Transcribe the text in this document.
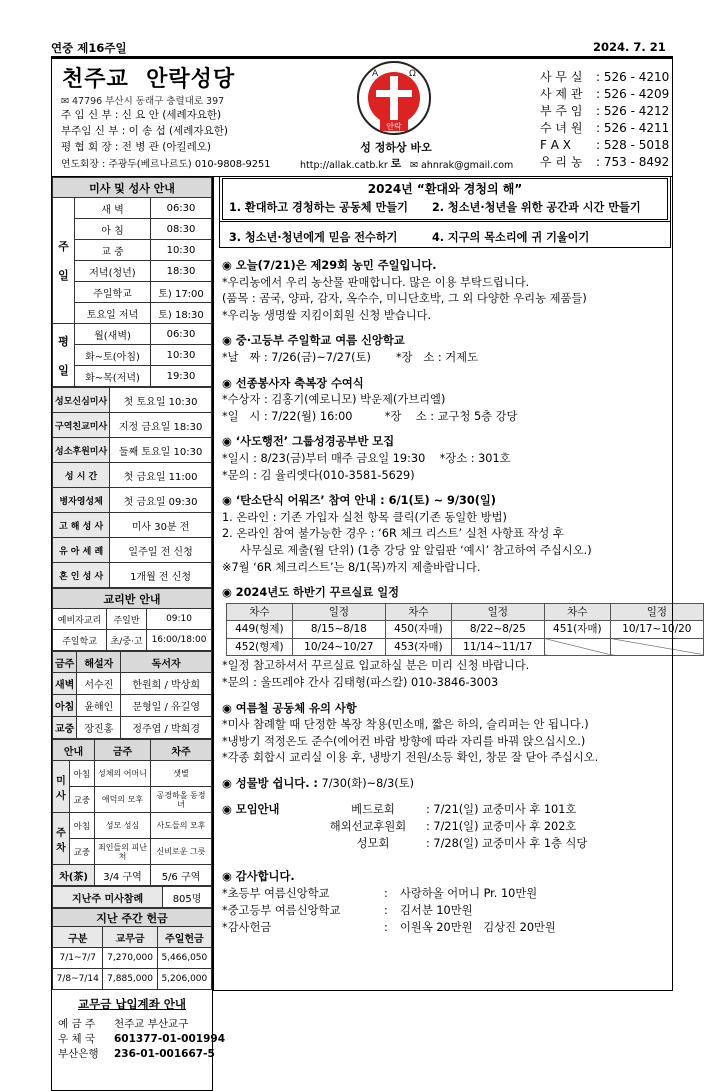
연중 제16주일	2024. 7. 21
천주교  안락성당
✉ 47796 부산시 동래구 충렬대로 397
주 임 신 부 : 신 요 안 (세례자요한)
부주임 신 부 : 이 송 섭 (세례자요한)
평 협 회 장 : 전 병 관 (아킬레오)
연도회장 : 주광두(베르나르도) 010-9808-9251
Α	Ω
안락
성 정하상 바오로
http://allak.catb.kr ✉ ahnrak@gmail.com
사 무 실 : 526 - 4210
사 제 관 : 526 - 4209
부 주 임 : 526 - 4212
수 녀 원 : 526 - 4211
F A X : 528 - 5018
우 리 농 : 753 - 8492
미사 및 성사 안내		
주

일	새 벽	06:30
	아 침	08:30
	교 중	10:30
	저녁(청년)	18:30
	주일학교	토) 17:00
	토요일 저녁	토) 18:30
평

일	월(새벽)	06:30
	화~토(아침)	10:30
	화~목(저녁)	19:30
성모신심미사	첫 토요일 10:30
구역친교미사	지정 금요일 18:30
성소후원미사	둘째 토요일 10:30
성 시 간	첫 금요일 11:00
병자영성체	첫 금요일 09:30
고 해 성 사	미사 30분 전
유 아 세 례	일주일 전 신청
혼 인 성 사	1개월 전 신청
교리반 안내		
예비자교리	주일반	09:10
주일학교	초/중·고	16:00/18:00
금주	해설자	독서자
새벽	서수진	한원희 / 박상희
아침	윤해인	문형일 / 유길영
교중	장진홍	정주엽 / 박희경
안내		금주	차주
미
사	아침	성체의 어머니	샛별
	교중	애덕의 모후	공경하올 동정녀
주
차	아침	성모 성심	사도들의 모후
	교중	죄인들의 피난처	신비로운 그릇
차(茶)		3/4 구역	5/6 구역
지난주 미사참례	805명
지난 주간 헌금		
구분	교무금	주일헌금
7/1~7/7	7,270,000	5,466,050
7/8~7/14	7,885,000	5,206,000
교무금 납입계좌 안내
예 금 주 천주교 부산교구
우 체 국 601377-01-001994
부산은행 236-01-001667-5
2024년 “환대와 경청의 해”
1. 환대하고 경청하는 공동체 만들기 2. 청소년·청년을 위한 공간과 시간 만들기
3. 청소년·청년에게 믿음 전수하기	4. 지구의 목소리에 귀 기울이기
◉ 오늘(7/21)은 제29회 농민 주일입니다.
*우리농에서 우리 농산물 판매합니다. 많은 이용 부탁드립니다.
(품목 : 곰국, 양파, 감자, 옥수수, 미니단호박, 그 외 다양한 우리농 제품들)
*우리농 생명쌀 지킴이회원 신청 받습니다.
◉ 중·고등부 주일학교 여름 신앙학교
*날   짜 : 7/26(금)~7/27(토)       *장   소 : 거제도
◉ 선종봉사자 축복장 수여식
*수상자 : 김홍기(예로니모) 박운제(가브리엘)
*일   시 : 7/22(월) 16:00         *장    소 : 교구청 5층 강당
◉ ‘사도행전’ 그룹성경공부반 모집
*일시 : 8/23(금)부터 매주 금요일 19:30    *장소 : 301호
*문의 : 김 율리엣다(010-3581-5629)
◉ ‘탄소단식 어워즈’ 참여 안내 : 6/1(토) ~ 9/30(일)
1. 온라인 : 기존 가입자 실천 항목 클릭(기존 동일한 방법)
2. 온라인 참여 불가능한 경우 : ‘6R 체크 리스트’ 실천 사항표 작성 후
사무실로 제출(월 단위) (1층 강당 앞 알림판 ‘예시’ 참고하여 주십시오.)
※7월 ‘6R 체크리스트’는 8/1(목)까지 제출바랍니다.
◉ 2024년도 하반기 꾸르실료 일정
차수	일정	차수	일정	차수	일정
449(형제)	8/15~8/18	450(자매)	8/22~8/25	451(자매)	10/17~10/20
452(형제)	10/24~10/27	453(자매)	11/14~11/17		
*일정 참고하셔서 꾸르실료 입교하실 분은 미리 신청 바랍니다.
*문의 : 울뜨레야 간사 김태형(파스칼) 010-3846-3003
◉ 여름철 공동체 유의 사항
*미사 참례할 때 단정한 복장 착용(민소매, 짧은 하의, 슬리퍼는 안 됩니다.)
*냉방기 적정온도 준수(에어컨 바람 방향에 따라 자리를 바꿔 앉으십시오.)
*각종 회합시 교리실 이용 후, 냉방기 전원/소등 확인, 창문 잘 닫아 주십시오.
◉ 성물방 쉽니다. : 7/30(화)~8/3(토)
◉ 모임안내	베드로회	: 7/21(일) 교중미사 후 101호
해외선교후원회	: 7/21(일) 교중미사 후 202호
성모회	: 7/28(일) 교중미사 후 1층 식당
◉ 감사합니다.
*초등부 여름신앙학교	: 사랑하올 어머니 Pr. 10만원
*중고등부 여름신앙학교	: 김서분 10만원
*감사헌금	: 이원옥 20만원   김상진 20만원
